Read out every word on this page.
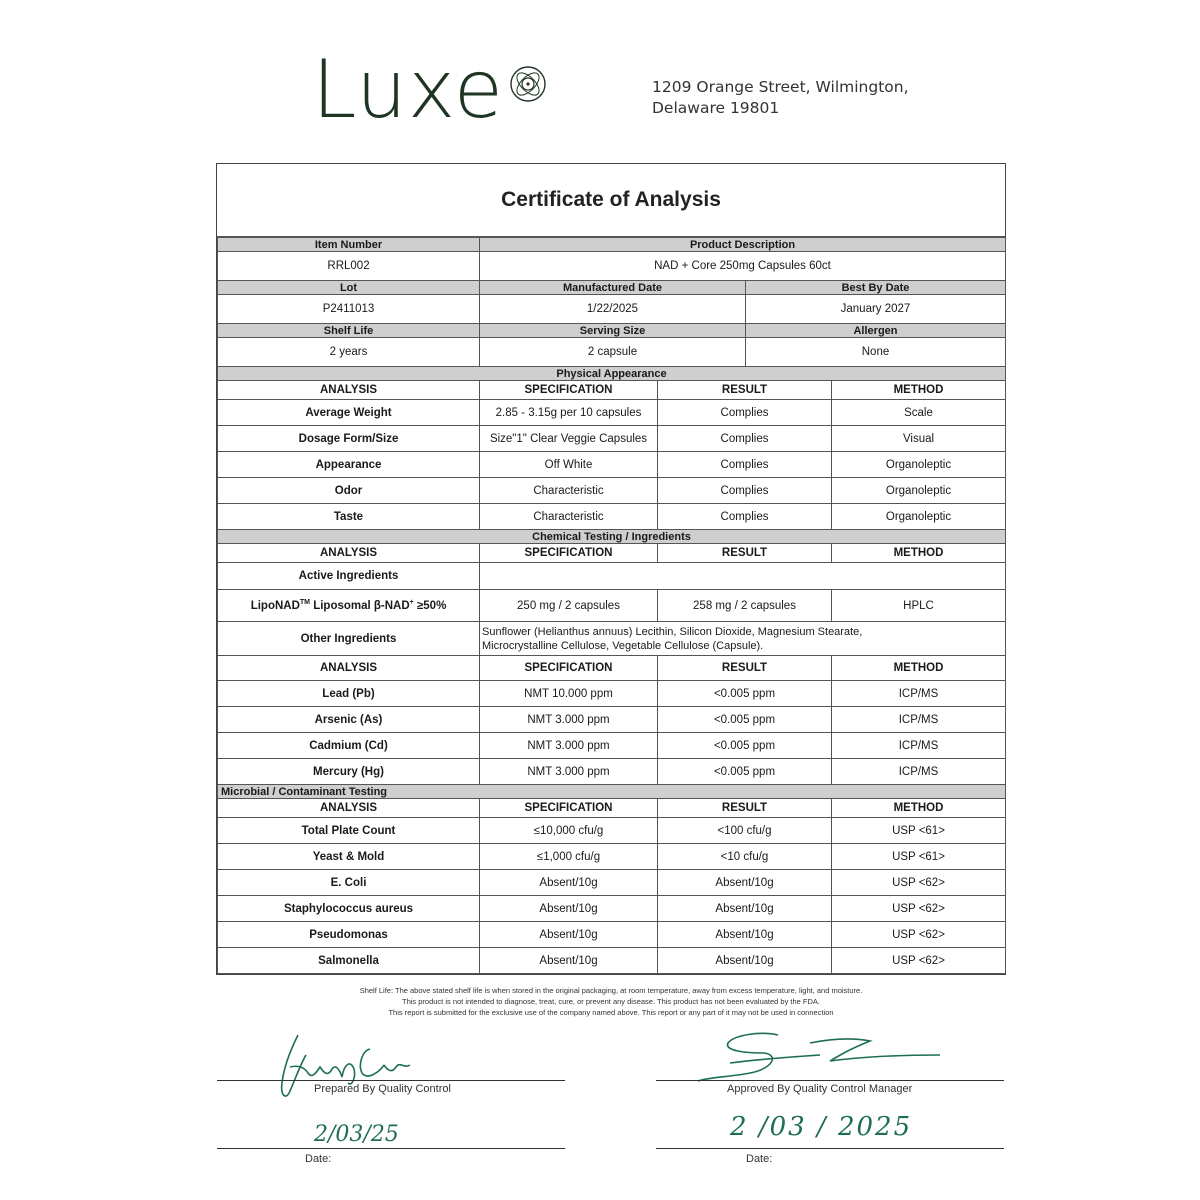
Luxe	1209 Orange Street, Wilmington,
Delaware 19801
Certificate of Analysis
Item Number	Product Description			
RRL002	NAD + Core 250mg Capsules 60ct			
Lot	Manufactured Date		Best By Date	
P2411013	1/22/2025		January 2027	
Shelf Life	Serving Size		Allergen	
2 years	2 capsule		None	
Physical Appearance				
ANALYSIS	SPECIFICATION	RESULT		METHOD
Average Weight	2.85 - 3.15g per 10 capsules	Complies		Scale
Dosage Form/Size	Size"1" Clear Veggie Capsules	Complies		Visual
Appearance	Off White	Complies		Organoleptic
Odor	Characteristic	Complies		Organoleptic
Taste	Characteristic	Complies		Organoleptic
Chemical Testing / Ingredients				
ANALYSIS	SPECIFICATION	RESULT		METHOD
Active Ingredients				
LipoNAD™ Liposomal β-NAD+ ≥50%	250 mg / 2 capsules	258 mg / 2 capsules		HPLC
Other Ingredients	Sunflower (Helianthus annuus) Lecithin, Silicon Dioxide, Magnesium Stearate,
Microcrystalline Cellulose, Vegetable Cellulose (Capsule).			

ANALYSIS	SPECIFICATION	RESULT		METHOD
Lead (Pb)	NMT 10.000 ppm	<0.005 ppm		ICP/MS
Arsenic (As)	NMT 3.000 ppm	<0.005 ppm		ICP/MS
Cadmium (Cd)	NMT 3.000 ppm	<0.005 ppm		ICP/MS
Mercury (Hg)	NMT 3.000 ppm	<0.005 ppm		ICP/MS
Microbial / Contaminant Testing				
ANALYSIS	SPECIFICATION	RESULT		METHOD
Total Plate Count	≤10,000 cfu/g	<100 cfu/g		USP <61>
Yeast & Mold	≤1,000 cfu/g	<10 cfu/g		USP <61>
E. Coli	Absent/10g	Absent/10g		USP <62>
Staphylococcus aureus	Absent/10g	Absent/10g		USP <62>
Pseudomonas	Absent/10g	Absent/10g		USP <62>
Salmonella	Absent/10g	Absent/10g		USP <62>
Shelf Life: The above stated shelf life is when stored in the original packaging, at room temperature, away from excess temperature, light, and moisture.
This product is not intended to diagnose, treat, cure, or prevent any disease. This product has not been evaluated by the FDA.
This report is submitted for the exclusive use of the company named above. This report or any part of it may not be used in connection
Prepared By Quality Control
2/03/25
Date:
Approved By Quality Control Manager
2 /03 / 2025
Date:
